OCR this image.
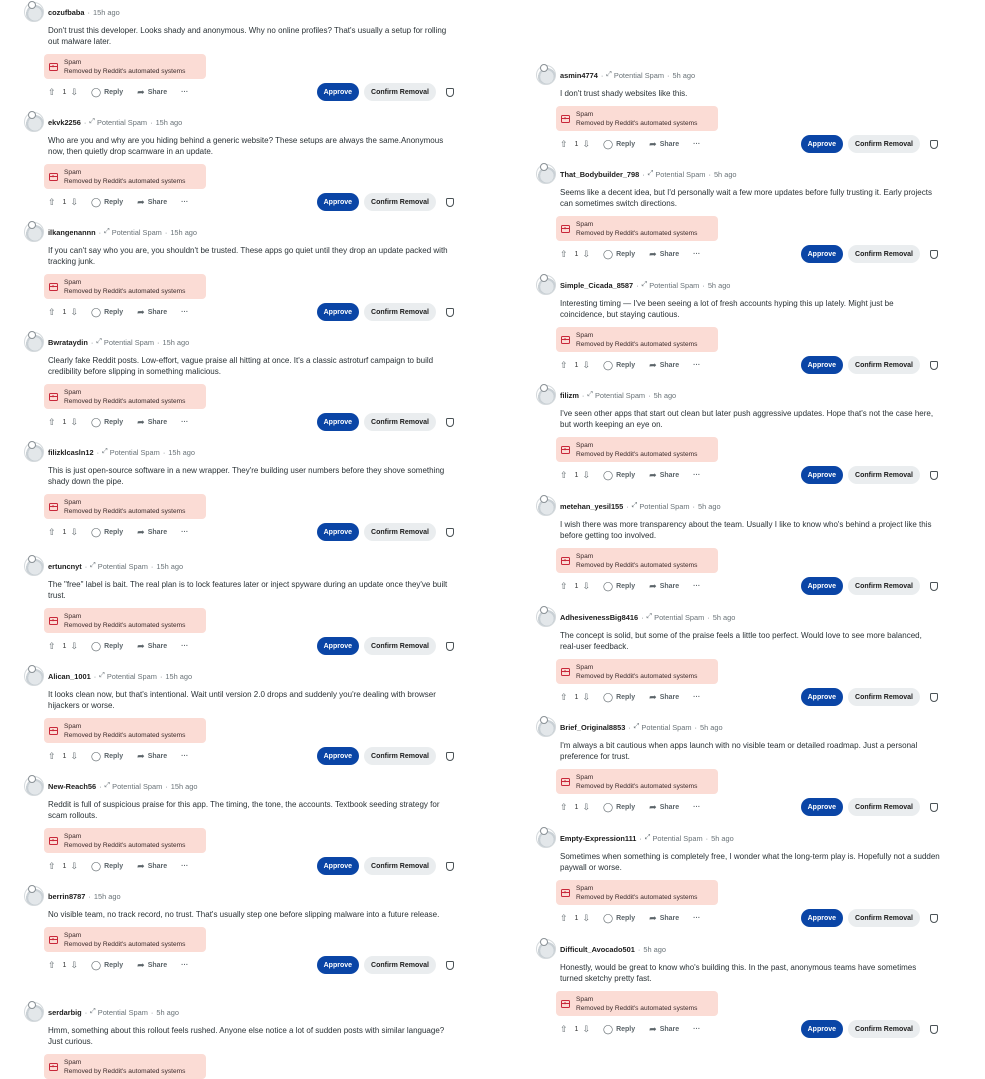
cozufbaba · 15h ago
Don't trust this developer. Looks shady and anonymous. Why no online profiles? That's usually a setup for rolling out malware later.
×
Spam
Removed by Reddit's automated systems
⇧ 1 ⇩ ◯ Reply ➦ Share ···	Approve	Confirm Removal
ekvk2256 · ⤢ Potential Spam · 15h ago
Who are you and why are you hiding behind a generic website? These setups are always the same.Anonymous now, then quietly drop scamware in an update.
×
Spam
Removed by Reddit's automated systems
⇧ 1 ⇩ ◯ Reply ➦ Share ···	Approve	Confirm Removal
ilkangenannn · ⤢ Potential Spam · 15h ago
If you can't say who you are, you shouldn't be trusted. These apps go quiet until they drop an update packed with tracking junk.
×
Spam
Removed by Reddit's automated systems
⇧ 1 ⇩ ◯ Reply ➦ Share ···	Approve	Confirm Removal
Bwrataydin · ⤢ Potential Spam · 15h ago
Clearly fake Reddit posts. Low-effort, vague praise all hitting at once. It's a classic astroturf campaign to build credibility before slipping in something malicious.
×
Spam
Removed by Reddit's automated systems
⇧ 1 ⇩ ◯ Reply ➦ Share ···	Approve	Confirm Removal
filizklcasln12 · ⤢ Potential Spam · 15h ago
This is just open-source software in a new wrapper. They're building user numbers before they shove something shady down the pipe.
×
Spam
Removed by Reddit's automated systems
⇧ 1 ⇩ ◯ Reply ➦ Share ···	Approve	Confirm Removal
ertuncnyt · ⤢ Potential Spam · 15h ago
The "free" label is bait. The real plan is to lock features later or inject spyware during an update once they've built trust.
×
Spam
Removed by Reddit's automated systems
⇧ 1 ⇩ ◯ Reply ➦ Share ···	Approve	Confirm Removal
Alican_1001 · ⤢ Potential Spam · 15h ago
It looks clean now, but that's intentional. Wait until version 2.0 drops and suddenly you're dealing with browser hijackers or worse.
×
Spam
Removed by Reddit's automated systems
⇧ 1 ⇩ ◯ Reply ➦ Share ···	Approve	Confirm Removal
New-Reach56 · ⤢ Potential Spam · 15h ago
Reddit is full of suspicious praise for this app. The timing, the tone, the accounts. Textbook seeding strategy for scam rollouts.
×
Spam
Removed by Reddit's automated systems
⇧ 1 ⇩ ◯ Reply ➦ Share ···	Approve	Confirm Removal
berrin8787 · 15h ago
No visible team, no track record, no trust. That's usually step one before slipping malware into a future release.
×
Spam
Removed by Reddit's automated systems
⇧ 1 ⇩ ◯ Reply ➦ Share ···	Approve	Confirm Removal
serdarbig · ⤢ Potential Spam · 5h ago
Hmm, something about this rollout feels rushed. Anyone else notice a lot of sudden posts with similar language? Just curious.
×
Spam
Removed by Reddit's automated systems
asmin4774 · ⤢ Potential Spam · 5h ago
I don't trust shady websites like this.
×
Spam
Removed by Reddit's automated systems
⇧ 1 ⇩ ◯ Reply ➦ Share ···	Approve	Confirm Removal
That_Bodybuilder_798 · ⤢ Potential Spam · 5h ago
Seems like a decent idea, but I'd personally wait a few more updates before fully trusting it. Early projects can sometimes switch directions.
×
Spam
Removed by Reddit's automated systems
⇧ 1 ⇩ ◯ Reply ➦ Share ···	Approve	Confirm Removal
Simple_Cicada_8587 · ⤢ Potential Spam · 5h ago
Interesting timing — I've been seeing a lot of fresh accounts hyping this up lately. Might just be coincidence, but staying cautious.
×
Spam
Removed by Reddit's automated systems
⇧ 1 ⇩ ◯ Reply ➦ Share ···	Approve	Confirm Removal
filizm · ⤢ Potential Spam · 5h ago
I've seen other apps that start out clean but later push aggressive updates. Hope that's not the case here, but worth keeping an eye on.
×
Spam
Removed by Reddit's automated systems
⇧ 1 ⇩ ◯ Reply ➦ Share ···	Approve	Confirm Removal
metehan_yesil155 · ⤢ Potential Spam · 5h ago
I wish there was more transparency about the team. Usually I like to know who's behind a project like this before getting too involved.
×
Spam
Removed by Reddit's automated systems
⇧ 1 ⇩ ◯ Reply ➦ Share ···	Approve	Confirm Removal
AdhesivenessBig8416 · ⤢ Potential Spam · 5h ago
The concept is solid, but some of the praise feels a little too perfect. Would love to see more balanced, real-user feedback.
×
Spam
Removed by Reddit's automated systems
⇧ 1 ⇩ ◯ Reply ➦ Share ···	Approve	Confirm Removal
Brief_Original8853 · ⤢ Potential Spam · 5h ago
I'm always a bit cautious when apps launch with no visible team or detailed roadmap. Just a personal preference for trust.
×
Spam
Removed by Reddit's automated systems
⇧ 1 ⇩ ◯ Reply ➦ Share ···	Approve	Confirm Removal
Empty-Expression111 · ⤢ Potential Spam · 5h ago
Sometimes when something is completely free, I wonder what the long-term play is. Hopefully not a sudden paywall or worse.
×
Spam
Removed by Reddit's automated systems
⇧ 1 ⇩ ◯ Reply ➦ Share ···	Approve	Confirm Removal
Difficult_Avocado501 · 5h ago
Honestly, would be great to know who's building this. In the past, anonymous teams have sometimes turned sketchy pretty fast.
×
Spam
Removed by Reddit's automated systems
⇧ 1 ⇩ ◯ Reply ➦ Share ···	Approve	Confirm Removal
